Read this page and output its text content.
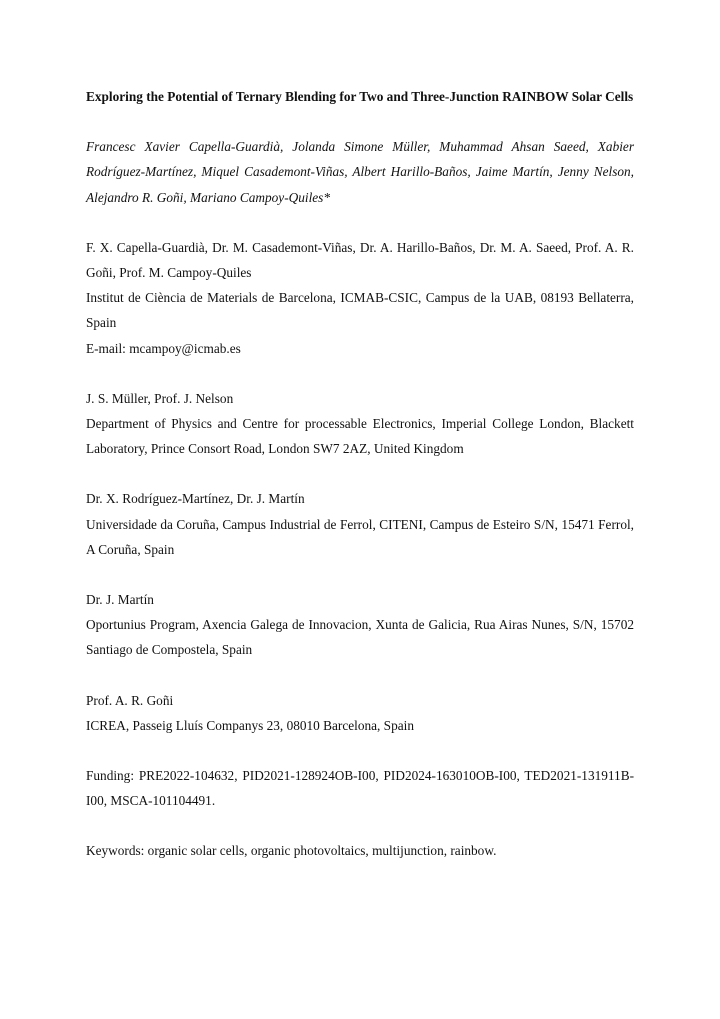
Exploring the Potential of Ternary Blending for Two and Three-Junction RAINBOW Solar Cells

Francesc Xavier Capella-Guardià, Jolanda Simone Müller, Muhammad Ahsan Saeed, Xabier Rodríguez-Martínez, Miquel Casademont-Viñas, Albert Harillo-Baños, Jaime Martín, Jenny Nelson, Alejandro R. Goñi, Mariano Campoy-Quiles*

F. X. Capella-Guardià, Dr. M. Casademont-Viñas, Dr. A. Harillo-Baños, Dr. M. A. Saeed, Prof. A. R. Goñi, Prof. M. Campoy-Quiles
Institut de Ciència de Materials de Barcelona, ICMAB-CSIC, Campus de la UAB, 08193 Bellaterra, Spain
E-mail: mcampoy@icmab.es
J. S. Müller, Prof. J. Nelson
Department of Physics and Centre for processable Electronics, Imperial College London, Blackett Laboratory, Prince Consort Road, London SW7 2AZ, United Kingdom
Dr. X. Rodríguez-Martínez, Dr. J. Martín
Universidade da Coruña, Campus Industrial de Ferrol, CITENI, Campus de Esteiro S/N, 15471 Ferrol, A Coruña, Spain
Dr. J. Martín
Oportunius Program, Axencia Galega de Innovacion, Xunta de Galicia, Rua Airas Nunes, S/N, 15702 Santiago de Compostela, Spain
Prof. A. R. Goñi
ICREA, Passeig Lluís Companys 23, 08010 Barcelona, Spain

Funding: PRE2022-104632, PID2021-128924OB-I00, PID2024-163010OB-I00, TED2021-131911B-I00, MSCA-101104491.

Keywords: organic solar cells, organic photovoltaics, multijunction, rainbow.
